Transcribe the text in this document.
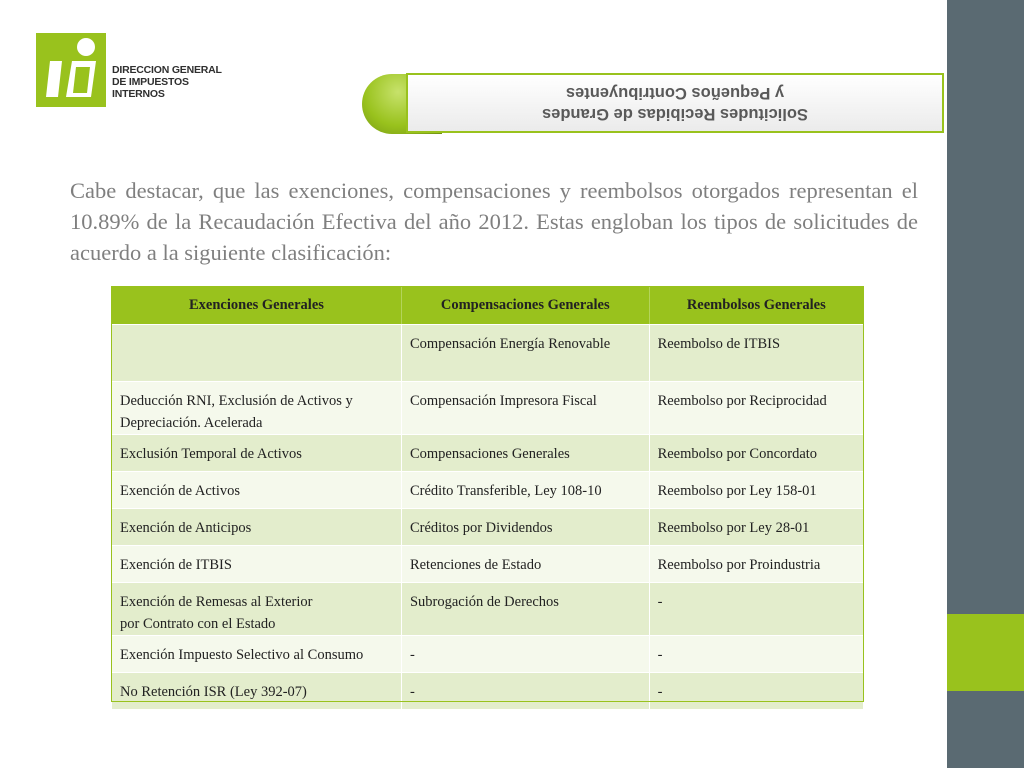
DIRECCION GENERAL
DE IMPUESTOS
INTERNOS
Solicitudes Recibidas de Grandes
y Pequeños Contribuyentes

Cabe destacar, que las exenciones, compensaciones y reembolsos otorgados representan el 10.89% de la Recaudación Efectiva del año 2012. Estas engloban los tipos de solicitudes de acuerdo a la siguiente clasificación:

Exenciones Generales	Compensaciones Generales	Reembolsos Generales
	Compensación Energía Renovable	Reembolso de ITBIS
Deducción RNI, Exclusión de Activos y
Depreciación. Acelerada	Compensación Impresora Fiscal	Reembolso por Reciprocidad
Exclusión Temporal de Activos	Compensaciones Generales	Reembolso por Concordato
Exención de Activos	Crédito Transferible, Ley 108-10	Reembolso por Ley 158-01
Exención de Anticipos	Créditos por Dividendos	Reembolso por Ley 28-01
Exención de ITBIS	Retenciones de Estado	Reembolso por Proindustria
Exención de Remesas al Exterior
por Contrato con el Estado	Subrogación de Derechos	-
Exención Impuesto Selectivo al Consumo	-	-
No Retención ISR (Ley 392-07)	-	-
